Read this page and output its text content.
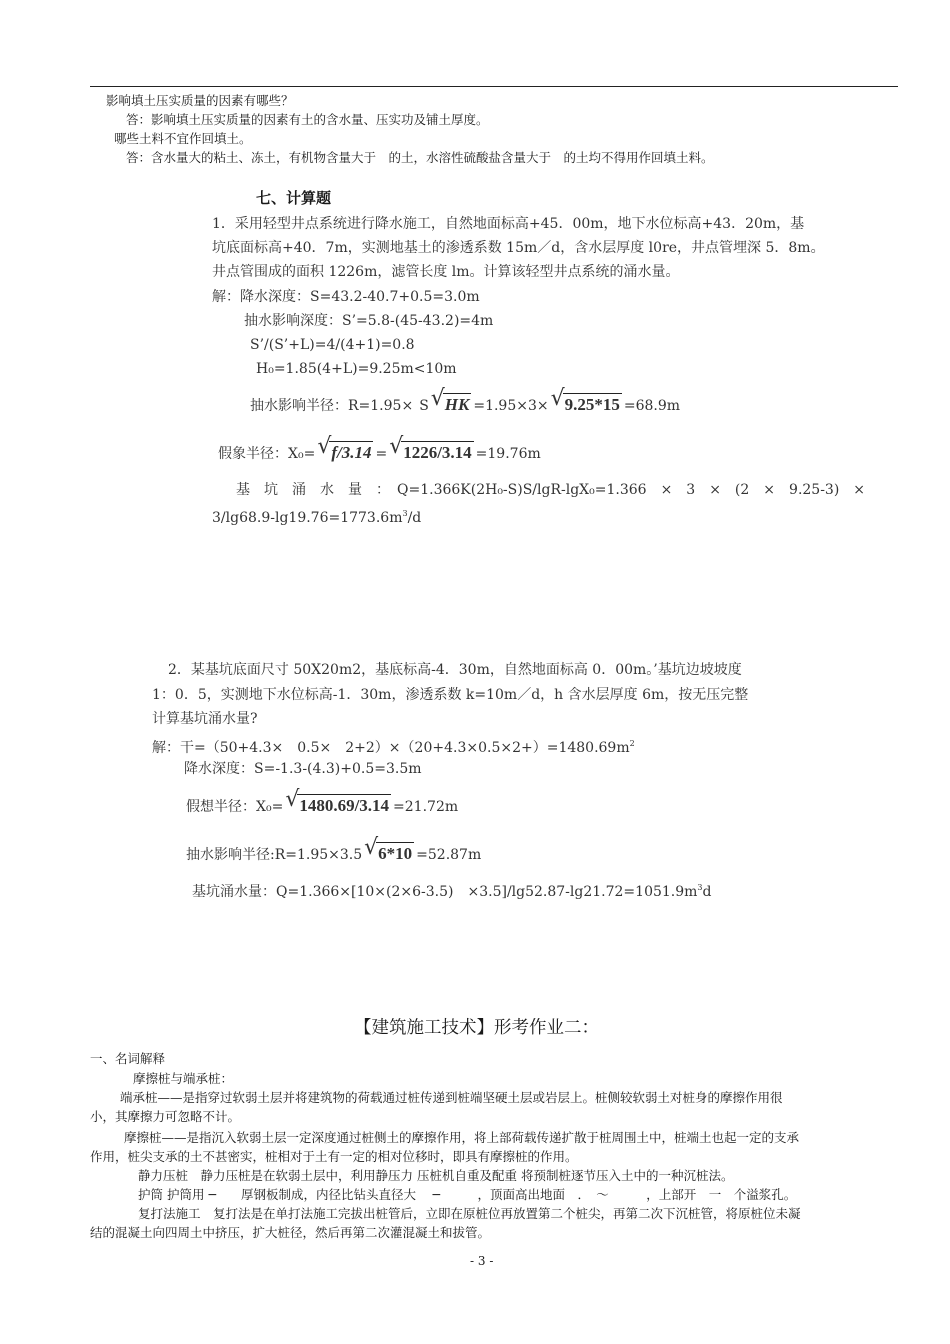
影响填土压实质量的因素有哪些？
答：影响填土压实质量的因素有土的含水量、压实功及铺土厚度。
哪些土料不宜作回填土。
答：含水量大的粘土、冻土，有机物含量大于　的土，水溶性硫酸盐含量大于　的土均不得用作回填土料。
七、计算题
1．采用轻型井点系统进行降水施工，自然地面标高+45．00m，地下水位标高+43．20m，基
坑底面标高+40．7m，实测地基土的渗透系数 15m／d，含水层厚度 l0re，井点管埋深 5．8m。
井点管围成的面积 1226m，滤管长度 lm。计算该轻型井点系统的涌水量。
解：降水深度：S=43.2-40.7+0.5=3.0m
抽水影响深度：S’=5.8-(45-43.2)=4m
S’/(S’+L)=4/(4+1)=0.8
H₀=1.85(4+L)=9.25m<10m
抽水影响半径：R=1.95× S √ HK =1.95×3× √ 9.25*15 =68.9m
假象半径：X₀= √ f/3.14 = √ 1226/3.14 =19.76m
基　坑　涌　水　量　：　Q=1.366K(2H₀-S)S/lgR-lgX₀=1.366　×　3　×　(2　×　9.25-3)　×
$3/\lg 68.9-\lg 19.76=1773.6m^3/d$
2．某基坑底面尺寸 50X20m2，基底标高-4．30m，自然地面标高 0．00m。’基坑边坡坡度
1：0．5，实测地下水位标高-1．30m，渗透系数 k=10m／d，h 含水层厚度 6m，按无压完整
计算基坑涌水量?
解：干=（50+4.3×　0.5×　$2+2)\times(20+4.3\times 0.5\times 2+)=1480.69m^2$
降水深度：S=-1.3-(4.3)+0.5=3.5m
假想半径：X₀= √ 1480.69/3.14 =21.72m
抽水影响半径:R=1.95×3.5 √ 6*10 =52.87m
基坑涌水量：Q=1.366×[10×(2×6-3.5)　$\times 3.5]/\lg 52.87-\lg 21.72=1051.9m^3d$
【建筑施工技术】形考作业二：
一、名词解释
摩擦桩与端承桩：
端承桩——是指穿过软弱土层并将建筑物的荷载通过桩传递到桩端坚硬土层或岩层上。桩侧较软弱土对桩身的摩擦作用很
小，其摩擦力可忽略不计。
摩擦桩——是指沉入软弱土层一定深度通过桩侧土的摩擦作用，将上部荷载传递扩散于桩周围土中，桩端土也起一定的支承
作用，桩尖支承的土不甚密实，桩相对于土有一定的相对位移时，即具有摩擦桩的作用。
静力压桩　静力压桩是在软弱土层中，利用静压力 压桩机自重及配重 将预制桩逐节压入土中的一种沉桩法。
护筒 护筒用 ─　　厚钢板制成，内径比钻头直径大　 ─　　　，顶面高出地面　．　～　　　，上部开　一　个溢浆孔。
复打法施工　复打法是在单打法施工完拔出桩管后，立即在原桩位再放置第二个桩尖，再第二次下沉桩管，将原桩位未凝
结的混凝土向四周土中挤压，扩大桩径，然后再第二次灌混凝土和拔管。
- 3 -
